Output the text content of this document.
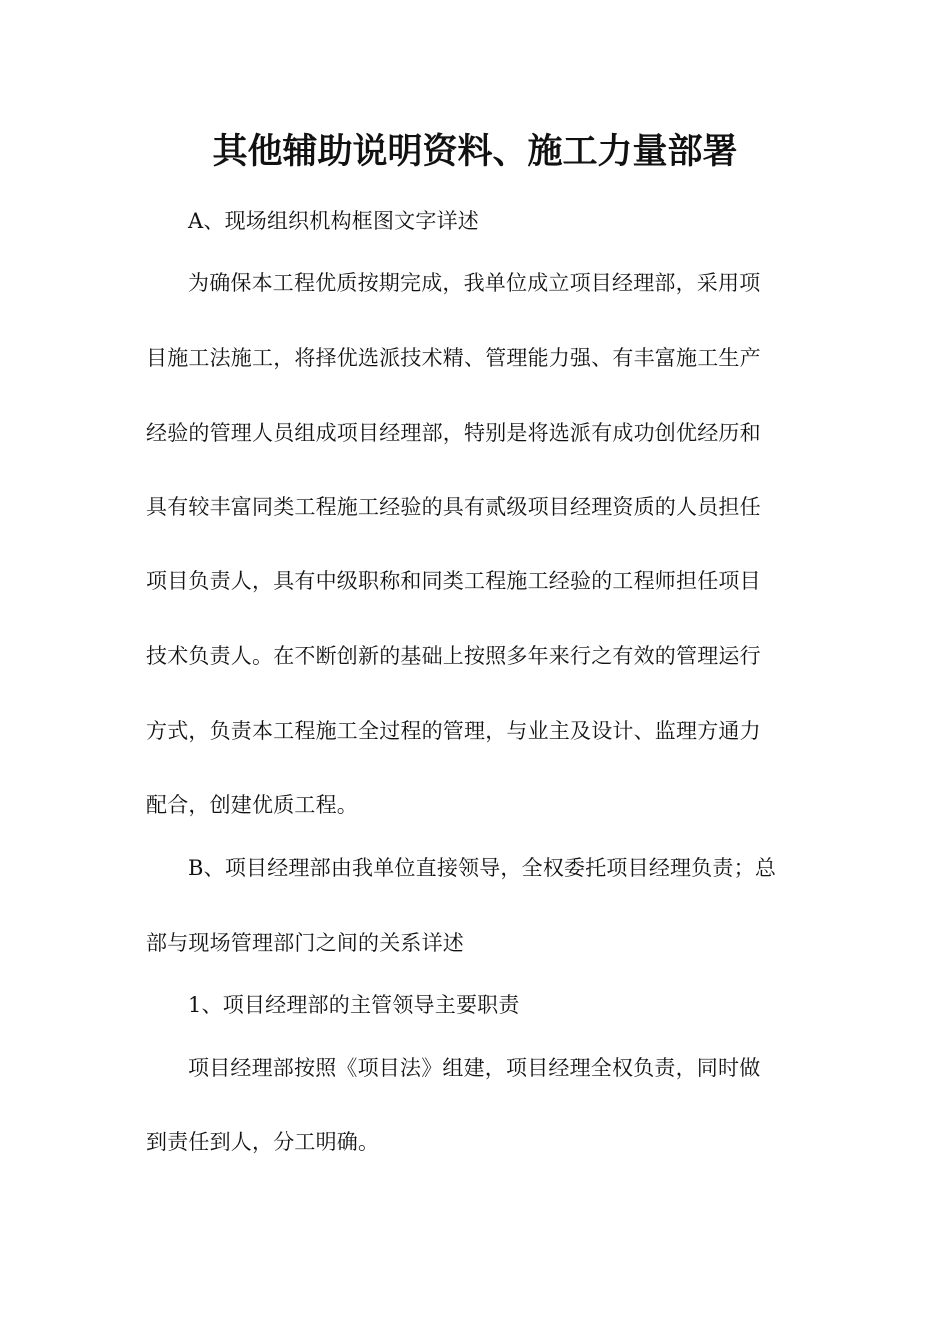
其他辅助说明资料、施工力量部署

A、现场组织机构框图文字详述

为确保本工程优质按期完成，我单位成立项目经理部，采用项

目施工法施工，将择优选派技术精、管理能力强、有丰富施工生产

经验的管理人员组成项目经理部，特别是将选派有成功创优经历和

具有较丰富同类工程施工经验的具有贰级项目经理资质的人员担任

项目负责人，具有中级职称和同类工程施工经验的工程师担任项目

技术负责人。在不断创新的基础上按照多年来行之有效的管理运行

方式，负责本工程施工全过程的管理，与业主及设计、监理方通力

配合，创建优质工程。

B、项目经理部由我单位直接领导，全权委托项目经理负责；总

部与现场管理部门之间的关系详述

1、项目经理部的主管领导主要职责

项目经理部按照《项目法》组建，项目经理全权负责，同时做

到责任到人，分工明确。
